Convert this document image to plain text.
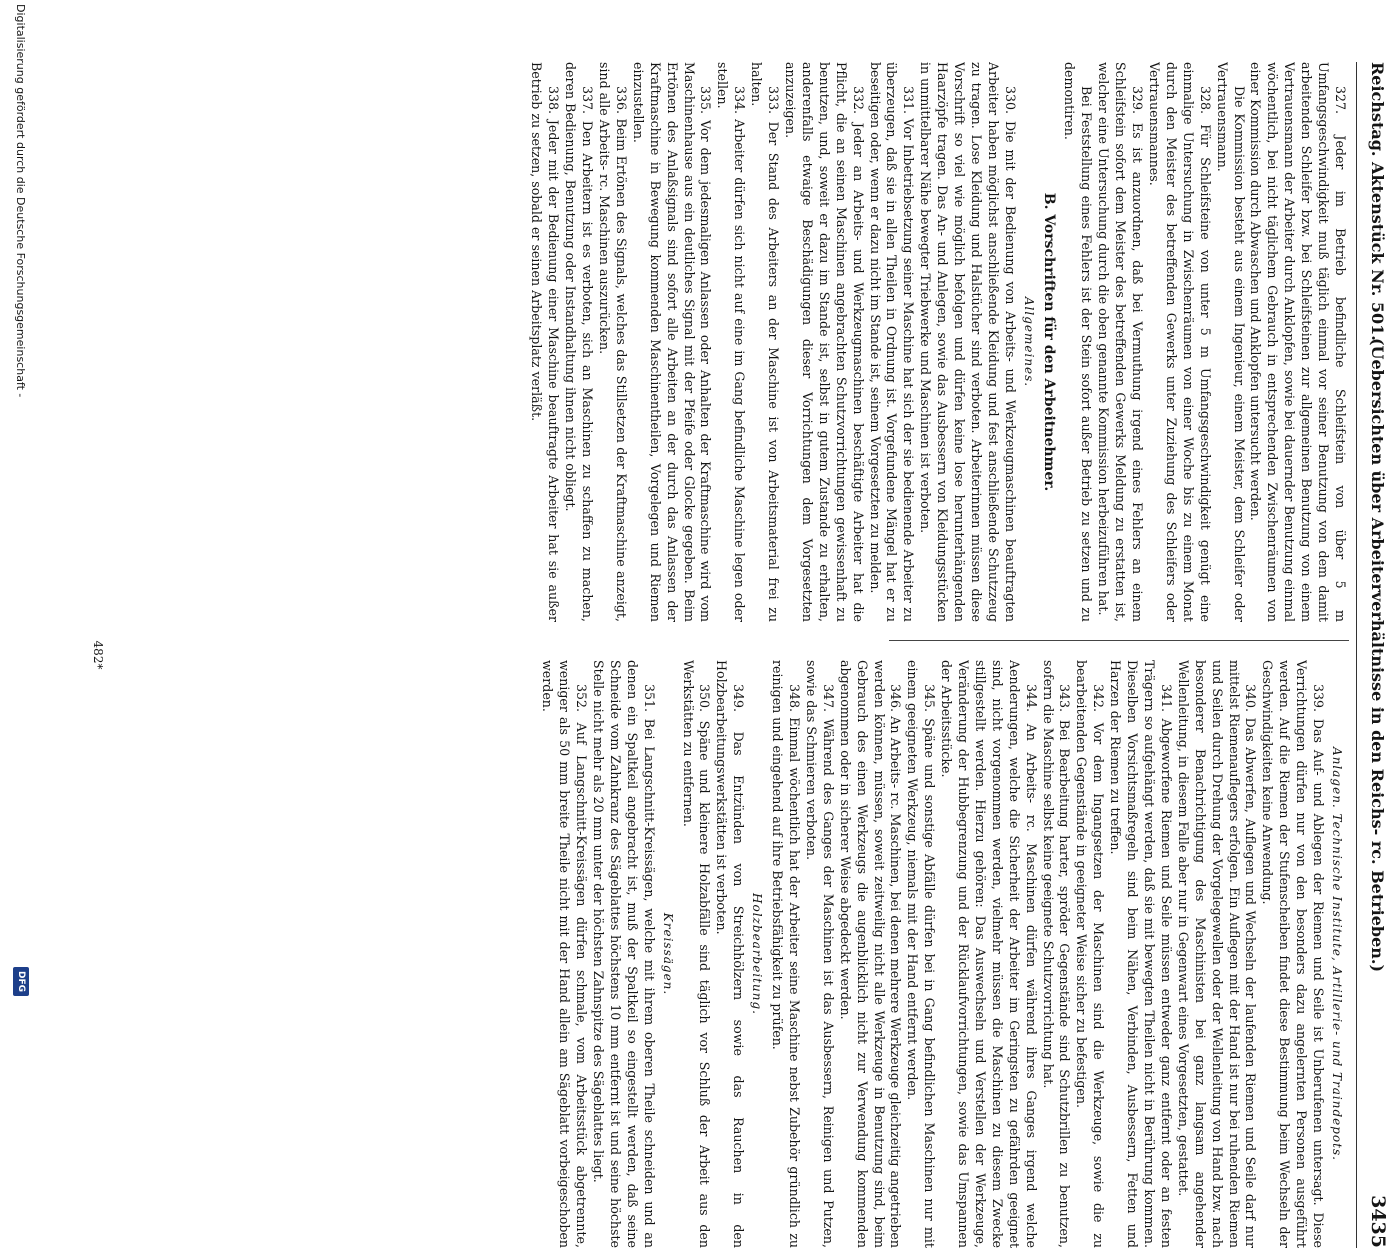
Reichstag. Aktenstück Nr. 501.
(Uebersichten über Arbeiterverhältnisse in den Reichs- rc. Betrieben.)
3435

327. Jeder im Betrieb befindliche Schleifstein von über 5 m Umfangsgeschwindigkeit muß täglich einmal vor seiner Benutzung von dem damit arbeitenden Schleifer bzw. bei Schleifsteinen zur allgemeinen Benutzung von einem Vertrauensmann der Arbeiter durch Anklopfen, sowie bei dauernder Benutzung einmal wöchentlich, bei nicht täglichem Gebrauch in entsprechenden Zwischenräumen von einer Kommission durch Abwaschen und Anklopfen untersucht werden.

Die Kommission besteht aus einem Ingenieur, einem Meister, dem Schleifer oder Vertrauensmann.

328. Für Schleifsteine von unter 5 m Umfangsgeschwindigkeit genügt eine einmalige Untersuchung in Zwischenräumen von einer Woche bis zu einem Monat durch den Meister des betreffenden Gewerks unter Zuziehung des Schleifers oder Vertrauensmannes.

329. Es ist anzuordnen, daß bei Vermuthung irgend eines Fehlers an einem Schleifstein sofort dem Meister des betreffenden Gewerks Meldung zu erstatten ist, welcher eine Untersuchung durch die oben genannte Kommission herbeizuführen hat.

Bei Feststellung eines Fehlers ist der Stein sofort außer Betrieb zu setzen und zu demontiren.

B. Vorschriften für den Arbeitnehmer.
Allgemeines.

330. Die mit der Bedienung von Arbeits- und Werkzeugmaschinen beauftragten Arbeiter haben möglichst anschließende Kleidung und fest anschließende Schutzzeug zu tragen. Lose Kleidung und Halstücher sind verboten. Arbeiterinnen müssen diese Vorschrift so viel wie möglich befolgen und dürfen keine lose herunterhängenden Haarzöpfe tragen. Das An- und Anlegen, sowie das Ausbessern von Kleidungsstücken in unmittelbarer Nähe bewegter Triebwerke und Maschinen ist verboten.

331. Vor Inbetriebsetzung seiner Maschine hat sich der sie bedienende Arbeiter zu überzeugen, daß sie in allen Theilen in Ordnung ist. Vorgefundene Mängel hat er zu beseitigen oder, wenn er dazu nicht im Stande ist, seinem Vorgesetzten zu melden.

332. Jeder an Arbeits- und Werkzeugmaschinen beschäftigte Arbeiter hat die Pflicht, die an seinen Maschinen angebrachten Schutzvorrichtungen gewissenhaft zu benutzen, und, soweit er dazu im Stande ist, selbst in gutem Zustande zu erhalten, anderenfalls etwaige Beschädigungen dieser Vorrichtungen dem Vorgesetzten anzuzeigen.

333. Der Stand des Arbeiters an der Maschine ist von Arbeitsmaterial frei zu halten.

334. Arbeiter dürfen sich nicht auf eine im Gang befindliche Maschine legen oder stellen.

335. Vor dem jedesmaligen Anlassen oder Anhalten der Kraftmaschine wird vom Maschinenhause aus ein deutliches Signal mit der Pfeife oder Glocke gegeben. Beim Ertönen des Anlaßsignals sind sofort alle Arbeiten an der durch das Anlassen der Kraftmaschine in Bewegung kommenden Maschinentheilen, Vorgelegen und Riemen einzustellen.

336. Beim Ertönen des Signals, welches das Stillsetzen der Kraftmaschine anzeigt, sind alle Arbeits- rc. Maschinen auszurücken.

337. Den Arbeitern ist es verboten, sich an Maschinen zu schaffen zu machen, deren Bedienung, Benutzung oder Instandhaltung ihnen nicht obliegt.

338. Jeder mit der Bedienung einer Maschine beauftragte Arbeiter hat sie außer Betrieb zu setzen, sobald er seinen Arbeitsplatz verläßt.

Anlagen. Technische Institute, Artillerie- und Traindepots.

339. Das Auf- und Ablegen der Riemen und Seile ist Unberufenen untersagt. Diese Verrichtungen dürfen nur von den besonders dazu angelernten Personen ausgeführt werden. Auf die Riemen der Stufenscheiben findet diese Bestimmung beim Wechseln der Geschwindigkeiten keine Anwendung.

340. Das Abwerfen, Auflegen und Wechseln der laufenden Riemen und Seile darf nur mittelst Riemenauflegers erfolgen. Ein Auflegen mit der Hand ist nur bei ruhenden Riemen und Seilen durch Drehung der Vorgelegewellen oder der Wellenleitung von Hand bzw. nach besonderer Benachrichtigung des Maschinisten bei ganz langsam angehender Wellenleitung, in diesem Falle aber nur in Gegenwart eines Vorgesetzten, gestattet.

341. Abgeworfene Riemen und Seile müssen entweder ganz entfernt oder an festen Trägern so aufgehängt werden, daß sie mit bewegten Theilen nicht in Berührung kommen. Dieselben Vorsichtsmaßregeln sind beim Nähen, Verbinden, Ausbessern, Fetten und Harzen der Riemen zu treffen.

342. Vor dem Ingangsetzen der Maschinen sind die Werkzeuge, sowie die zu bearbeitenden Gegenstände in geeigneter Weise sicher zu befestigen.

343. Bei Bearbeitung harter, spröder Gegenstände sind Schutzbrillen zu benutzen, sofern die Maschine selbst keine geeignete Schutzvorrichtung hat.

344. An Arbeits- rc. Maschinen dürfen während ihres Ganges irgend welche Aenderungen, welche die Sicherheit der Arbeiter im Geringsten zu gefährden geeignet sind, nicht vorgenommen werden, vielmehr müssen die Maschinen zu diesem Zwecke stillgestellt werden. Hierzu gehören: Das Auswechseln und Verstellen der Werkzeuge, Veränderung der Hubbegrenzung und der Rücklaufvorrichtungen, sowie das Umspannen der Arbeitsstücke.

345. Späne und sonstige Abfälle dürfen bei in Gang befindlichen Maschinen nur mit einem geeigneten Werkzeug, niemals mit der Hand entfernt werden.

346. An Arbeits- rc. Maschinen, bei denen mehrere Werkzeuge gleichzeitig angetrieben werden können, müssen, soweit zeitweilig nicht alle Werkzeuge in Benutzung sind, beim Gebrauch des einen Werkzeugs die augenblicklich nicht zur Verwendung kommenden abgenommen oder in sicherer Weise abgedeckt werden.

347. Während des Ganges der Maschinen ist das Ausbessern, Reinigen und Putzen, sowie das Schmieren verboten.

348. Einmal wöchentlich hat der Arbeiter seine Maschine nebst Zubehör gründlich zu reinigen und eingehend auf ihre Betriebsfähigkeit zu prüfen.

Holzbearbeitung.

349. Das Entzünden von Streichhölzern sowie das Rauchen in den Holzbearbeitungswerkstätten ist verboten.

350. Späne und kleinere Holzabfälle sind täglich vor Schluß der Arbeit aus den Werkstätten zu entfernen.

Kreissägen.

351. Bei Langschnitt-Kreissägen, welche mit ihrem oberen Theile schneiden und an denen ein Spaltkeil angebracht ist, muß der Spaltkeil so eingestellt werden, daß seine Schneide vom Zahnkranz des Sägeblattes höchstens 10 mm entfernt ist und seine höchste Stelle nicht mehr als 20 mm unter der höchsten Zahnspitze des Sägeblattes liegt.

352. Auf Langschnitt-Kreissägen dürfen schmale, vom Arbeitsstück abgetrennte, weniger als 50 mm breite Theile nicht mit der Hand allein am Sägeblatt vorbeigeschoben werden.

482*
Digitalisierung gefördert durch die Deutsche Forschungsgemeinschaft -
DFG
